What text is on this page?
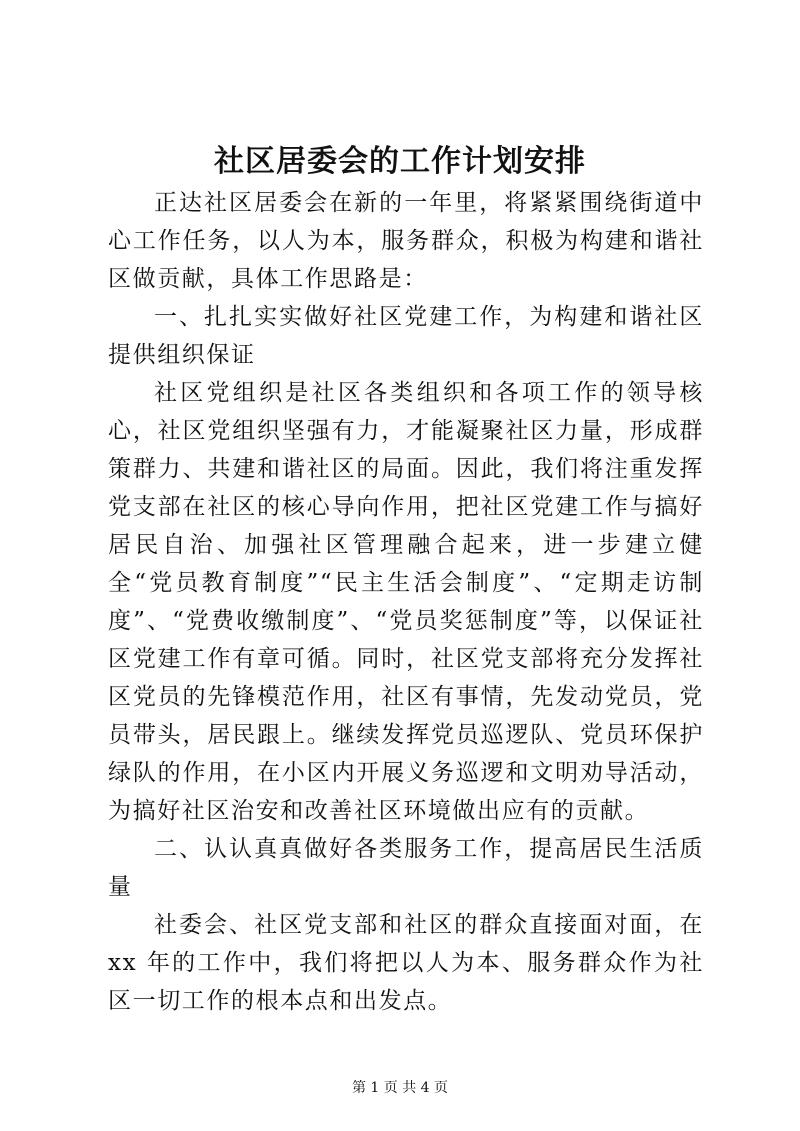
社区居委会的工作计划安排

正达社区居委会在新的一年里，将紧紧围绕街道中心工作任务，以人为本，服务群众，积极为构建和谐社区做贡献，具体工作思路是：

一、扎扎实实做好社区党建工作，为构建和谐社区提供组织保证

社区党组织是社区各类组织和各项工作的领导核心，社区党组织坚强有力，才能凝聚社区力量，形成群策群力、共建和谐社区的局面。因此，我们将注重发挥党支部在社区的核心导向作用，把社区党建工作与搞好居民自治、加强社区管理融合起来，进一步建立健全“党员教育制度”“民主生活会制度”、“定期走访制度”、“党费收缴制度”、“党员奖惩制度”等，以保证社区党建工作有章可循。同时，社区党支部将充分发挥社区党员的先锋模范作用，社区有事情，先发动党员，党员带头，居民跟上。继续发挥党员巡逻队、党员环保护绿队的作用，在小区内开展义务巡逻和文明劝导活动，为搞好社区治安和改善社区环境做出应有的贡献。

二、认认真真做好各类服务工作，提高居民生活质量

社委会、社区党支部和社区的群众直接面对面，在 xx 年的工作中，我们将把以人为本、服务群众作为社区一切工作的根本点和出发点。

第 1 页 共 4 页
